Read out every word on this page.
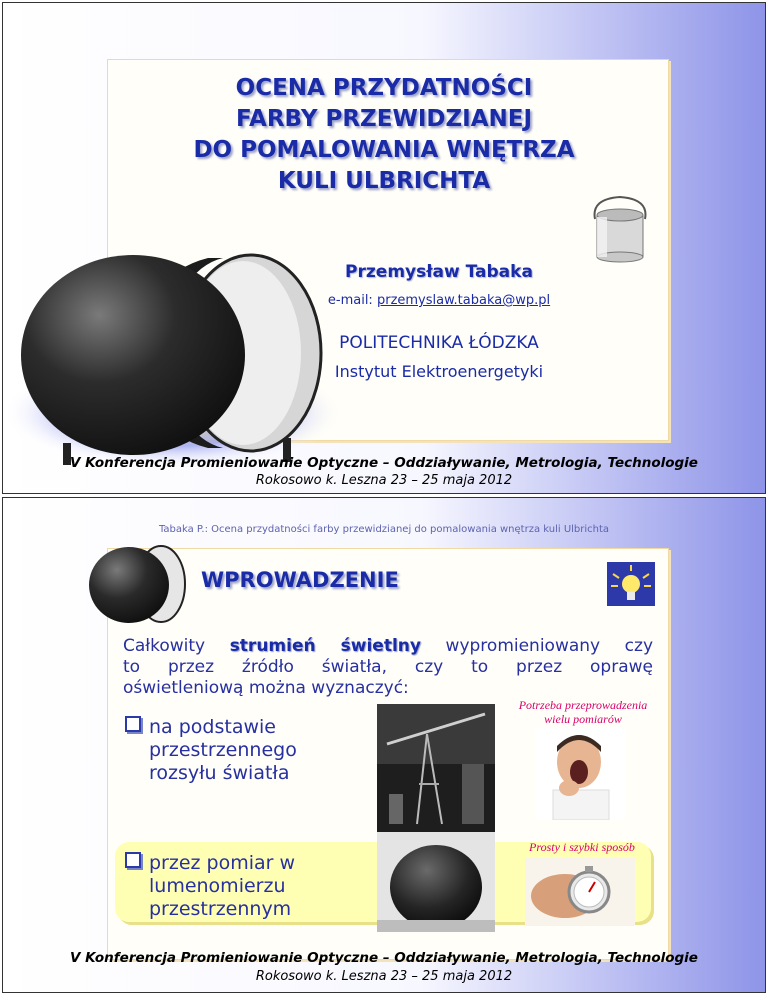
OCENA PRZYDATNOŚCI
FARBY PRZEWIDZIANEJ
DO POMALOWANIA WNĘTRZA
KULI ULBRICHTA
Przemysław Tabaka
e-mail: przemyslaw.tabaka@wp.pl
POLITECHNIKA ŁÓDZKA
Instytut Elektroenergetyki
V Konferencja Promieniowanie Optyczne – Oddziaływanie, Metrologia, Technologie
Rokosowo k. Leszna 23 – 25 maja 2012
Tabaka P.: Ocena przydatności farby przewidzianej do pomalowania wnętrza kuli Ulbrichta
WPROWADZENIE
Całkowity strumień świetlny wypromieniowany czy
to przez źródło światła, czy to przez oprawę
oświetleniową można wyznaczyć:
Potrzeba przeprowadzenia
wielu pomiarów
na podstawie
przestrzennego
rozsyłu światła
przez pomiar w
lumenomierzu
przestrzennym
Prosty i szybki sposób
V Konferencja Promieniowanie Optyczne – Oddziaływanie, Metrologia, Technologie
Rokosowo k. Leszna 23 – 25 maja 2012
